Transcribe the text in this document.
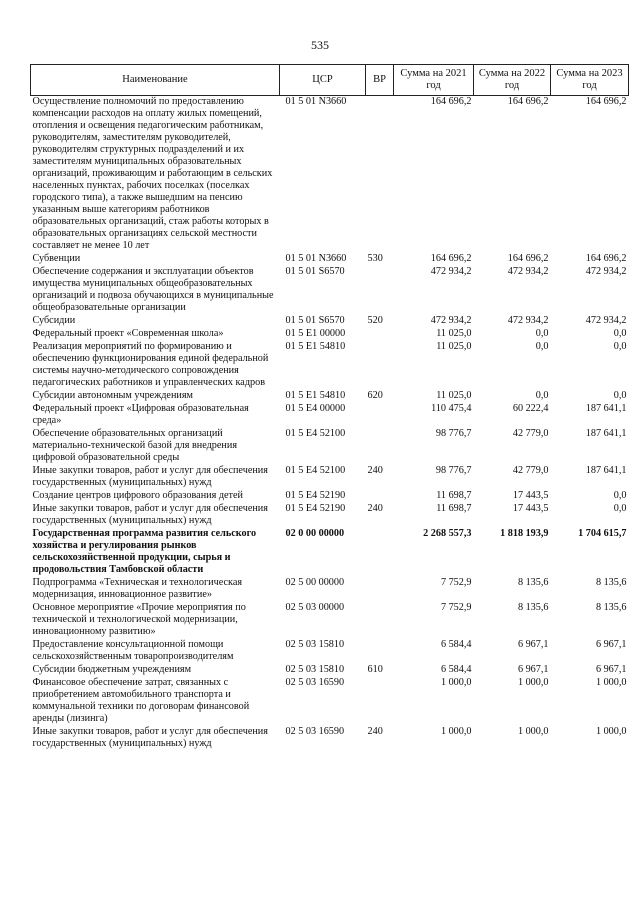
535
Наименование	ЦСР	ВР	Сумма на 2021 год	Сумма на 2022 год	Сумма на 2023 год
Осуществление полномочий по предоставлению компенсации расходов на оплату жилых помещений, отопления и освещения педагогическим работникам, руководителям, заместителям руководителей, руководителям структурных подразделений и их заместителям муниципальных образовательных организаций, проживающим и работающим в сельских населенных пунктах, рабочих поселках (поселках городского типа), а также вышедшим на пенсию указанным выше категориям работников образовательных организаций, стаж работы которых в образовательных организациях сельской местности составляет не менее 10 лет	01 5 01 N3660		164 696,2	164 696,2	164 696,2
Субвенции	01 5 01 N3660	530	164 696,2	164 696,2	164 696,2
Обеспечение содержания и эксплуатации объектов имущества муниципальных общеобразовательных организаций и подвоза обучающихся в муниципальные общеобразовательные организации	01 5 01 S6570		472 934,2	472 934,2	472 934,2
Субсидии	01 5 01 S6570	520	472 934,2	472 934,2	472 934,2
Федеральный проект «Современная школа»	01 5 E1 00000		11 025,0	0,0	0,0
Реализация мероприятий по формированию и обеспечению функционирования единой федеральной системы научно-методического сопровождения педагогических работников и управленческих кадров	01 5 E1 54810		11 025,0	0,0	0,0
Субсидии автономным учреждениям	01 5 E1 54810	620	11 025,0	0,0	0,0
Федеральный проект «Цифровая образовательная среда»	01 5 E4 00000		110 475,4	60 222,4	187 641,1
Обеспечение образовательных организаций материально-технической базой для внедрения цифровой образовательной среды	01 5 E4 52100		98 776,7	42 779,0	187 641,1
Иные закупки товаров, работ и услуг для обеспечения государственных (муниципальных) нужд	01 5 E4 52100	240	98 776,7	42 779,0	187 641,1
Создание центров цифрового образования детей	01 5 E4 52190		11 698,7	17 443,5	0,0
Иные закупки товаров, работ и услуг для обеспечения государственных (муниципальных) нужд	01 5 E4 52190	240	11 698,7	17 443,5	0,0
Государственная программа развития сельского хозяйства и регулирования рынков сельскохозяйственной продукции, сырья и продовольствия Тамбовской области	02 0 00 00000		2 268 557,3	1 818 193,9	1 704 615,7
Подпрограмма «Техническая и технологическая модернизация, инновационное развитие»	02 5 00 00000		7 752,9	8 135,6	8 135,6
Основное мероприятие «Прочие мероприятия по технической и технологической модернизации, инновационному развитию»	02 5 03 00000		7 752,9	8 135,6	8 135,6
Предоставление консультационной помощи сельскохозяйственным товаропроизводителям	02 5 03 15810		6 584,4	6 967,1	6 967,1
Субсидии бюджетным учреждениям	02 5 03 15810	610	6 584,4	6 967,1	6 967,1
Финансовое обеспечение затрат, связанных с приобретением автомобильного транспорта и коммунальной техники по договорам финансовой аренды (лизинга)	02 5 03 16590		1 000,0	1 000,0	1 000,0
Иные закупки товаров, работ и услуг для обеспечения государственных (муниципальных) нужд	02 5 03 16590	240	1 000,0	1 000,0	1 000,0
